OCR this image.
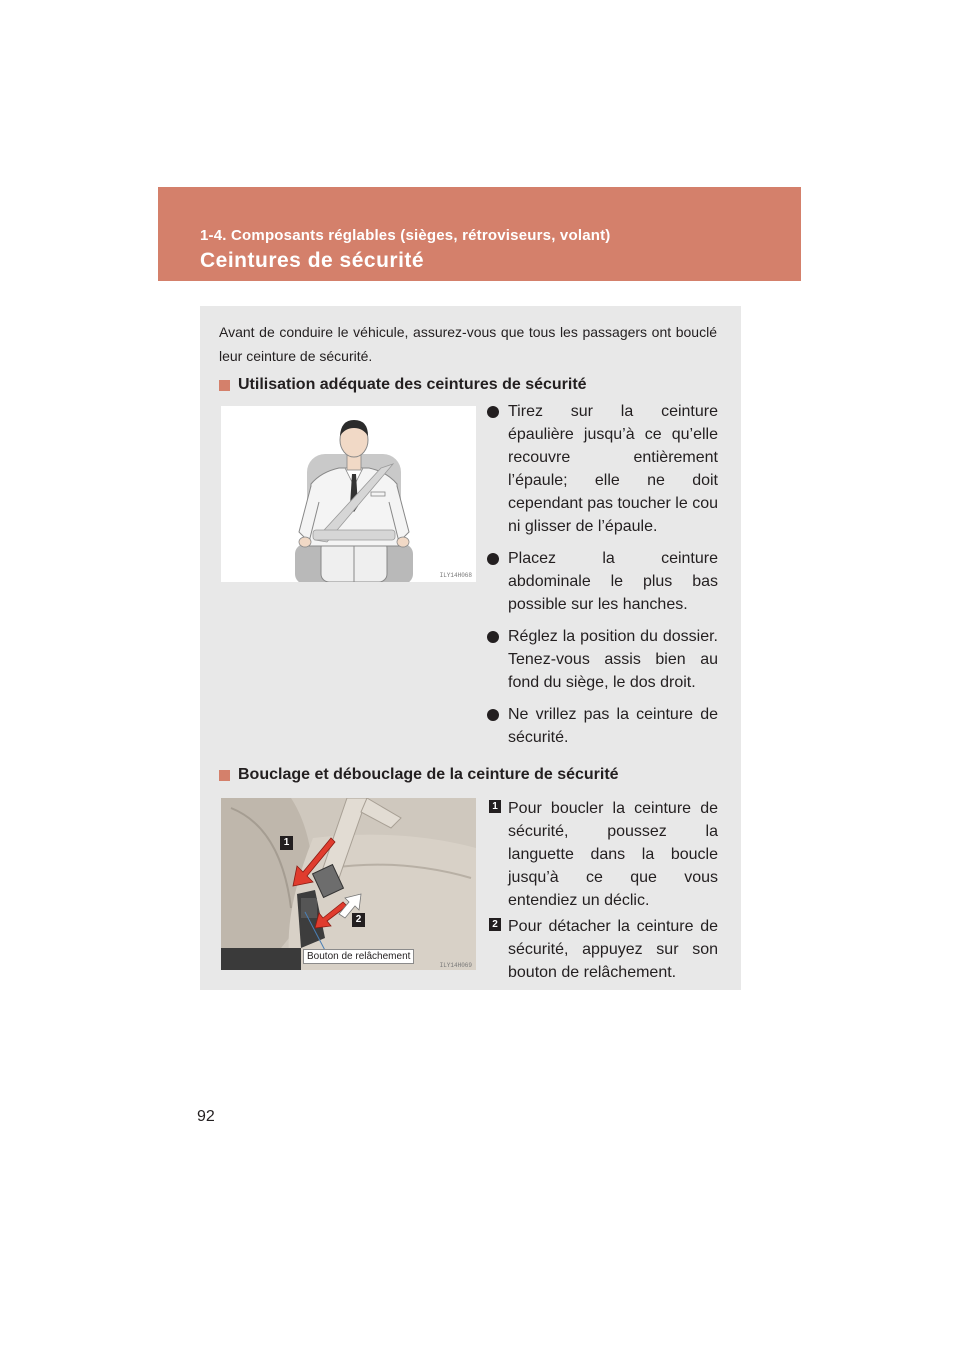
1-4. Composants réglables (sièges, rétroviseurs, volant)
Ceintures de sécurité
Avant de conduire le véhicule, assurez-vous que tous les passagers ont bouclé leur ceinture de sécurité.
Utilisation adéquate des ceintures de sécurité
ILY14H068
Tirez sur la ceinture épaulière jusqu’à ce qu’elle recouvre entièrement l’épaule; elle ne doit cependant pas toucher le cou ni glisser de l’épaule.
Placez la ceinture abdominale le plus bas possible sur les hanches.
Réglez la position du dossier. Tenez-vous assis bien au fond du siège, le dos droit.
Ne vrillez pas la ceinture de sécurité.
Bouclage et débouclage de la ceinture de sécurité
1
2
Bouton de relâchement
ILY14H069
1 Pour boucler la ceinture de sécurité, poussez la languette dans la boucle jusqu’à ce que vous entendiez un déclic.
2 Pour détacher la ceinture de sécurité, appuyez sur son bouton de relâchement.
92
